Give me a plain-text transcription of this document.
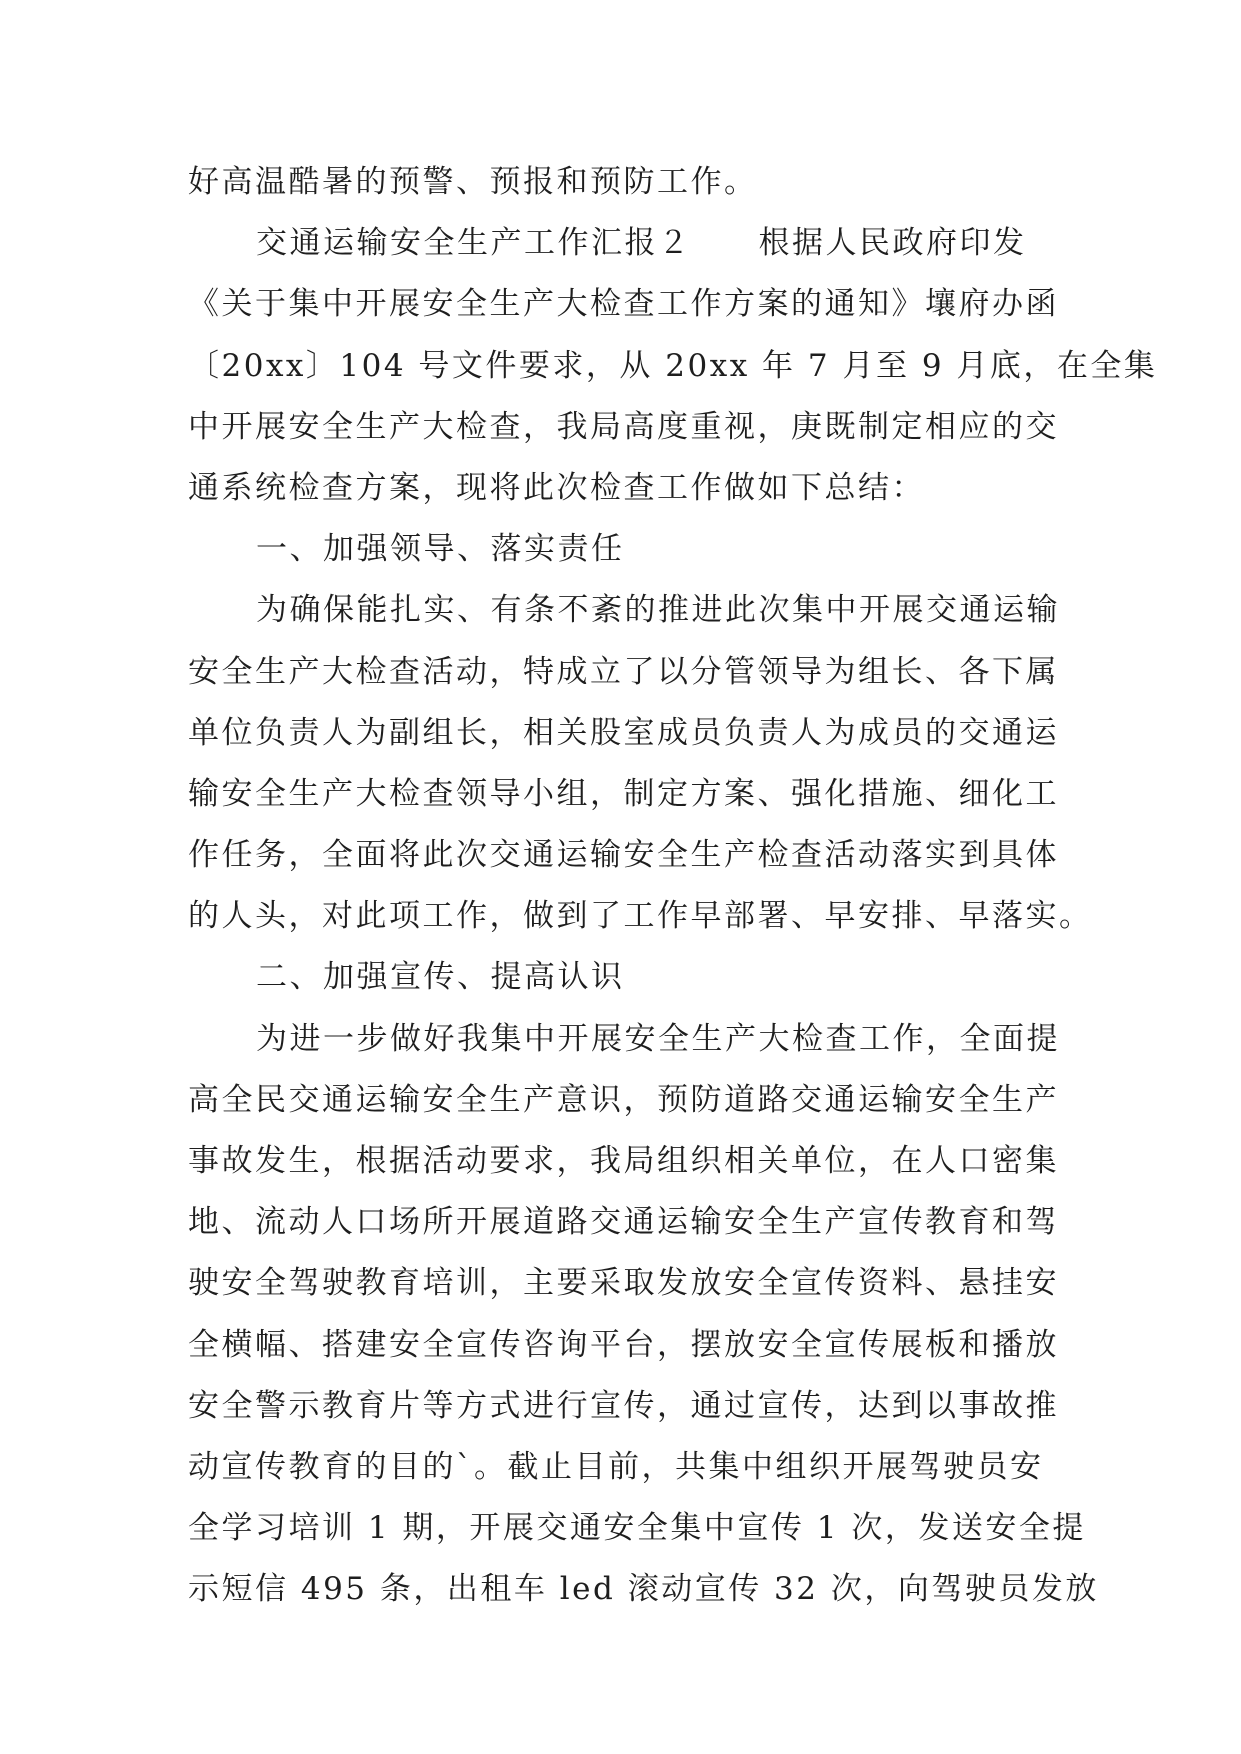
好高温酷暑的预警、预报和预防工作。
交通运输安全生产工作汇报２　　根据人民政府印发
《关于集中开展安全生产大检查工作方案的通知》壤府办函
〔20xx〕104 号文件要求，从 20xx 年 7 月至 9 月底，在全集
中开展安全生产大检查，我局高度重视，庚既制定相应的交
通系统检查方案，现将此次检查工作做如下总结：
一、加强领导、落实责任
为确保能扎实、有条不紊的推进此次集中开展交通运输
安全生产大检查活动，特成立了以分管领导为组长、各下属
单位负责人为副组长，相关股室成员负责人为成员的交通运
输安全生产大检查领导小组，制定方案、强化措施、细化工
作任务，全面将此次交通运输安全生产检查活动落实到具体
的人头，对此项工作，做到了工作早部署、早安排、早落实。
二、加强宣传、提高认识
为进一步做好我集中开展安全生产大检查工作，全面提
高全民交通运输安全生产意识，预防道路交通运输安全生产
事故发生，根据活动要求，我局组织相关单位，在人口密集
地、流动人口场所开展道路交通运输安全生产宣传教育和驾
驶安全驾驶教育培训，主要采取发放安全宣传资料、悬挂安
全横幅、搭建安全宣传咨询平台，摆放安全宣传展板和播放
安全警示教育片等方式进行宣传，通过宣传，达到以事故推
动宣传教育的目的`。截止目前，共集中组织开展驾驶员安
全学习培训 1 期，开展交通安全集中宣传 1 次，发送安全提
示短信 495 条，出租车 led 滚动宣传 32 次，向驾驶员发放
